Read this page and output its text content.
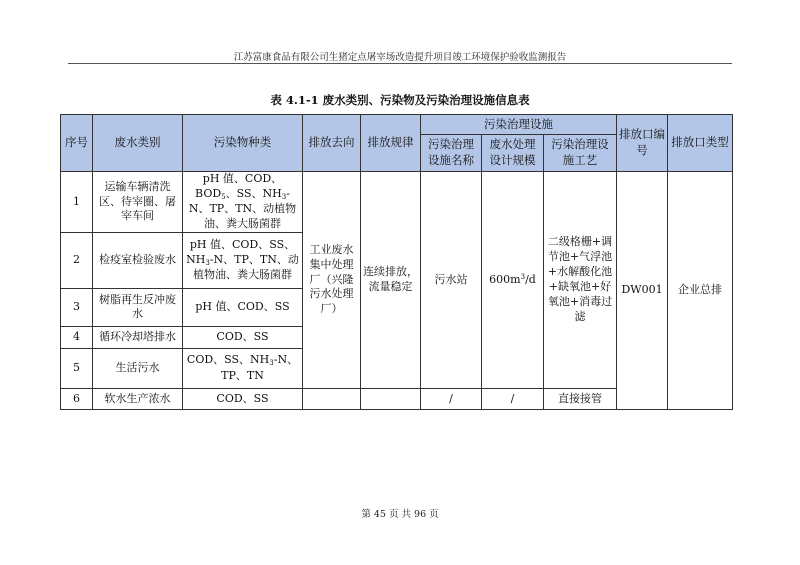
江苏富康食品有限公司生猪定点屠宰场改造提升项目竣工环境保护验收监测报告
表 4.1-1 废水类别、污染物及污染治理设施信息表
序号	废水类别	污染物种类	排放去向	排放规律	污染治理设施			排放口编号	排放口类型
					污染治理设施名称	废水处理设计规模	污染治理设施工艺		
1	运输车辆清洗区、待宰圈、屠宰车间	pH 值、COD、$BOD_5$、SS、$NH_3-N$、TP、TN、动植物油、粪大肠菌群	工业废水集中处理厂（兴隆污水处理厂）	连续排放，流量稳定	污水站	$600m^3/d$	二级格栅+调节池+气浮池+水解酸化池+缺氧池+好氧池+消毒过滤	DW001	企业总排
2	检疫室检验废水	pH 值、COD、SS、$NH_3-N$、TP、TN、动植物油、粪大肠菌群							
3	树脂再生反冲废水	pH 值、COD、SS							
4	循环冷却塔排水	COD、SS							
5	生活污水	COD、SS、$NH_3-N$、TP、TN							
6	软水生产浓水	COD、SS			/	/	直接接管		
第 45 页 共 96 页
